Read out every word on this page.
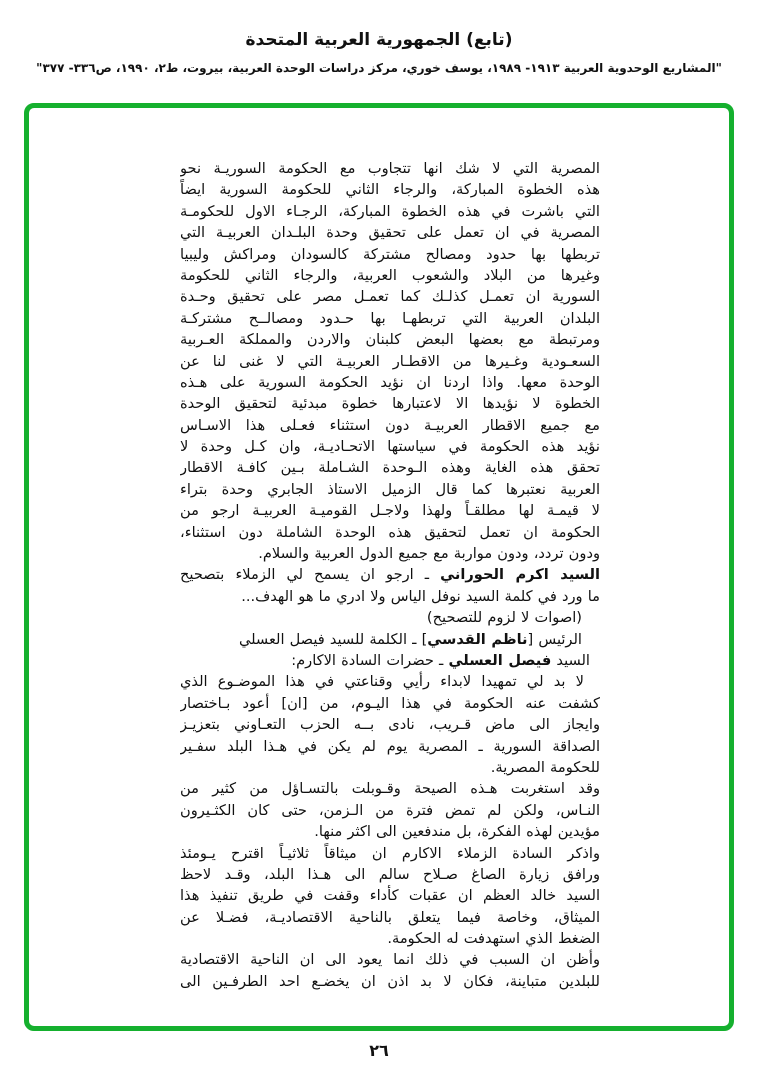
(تابع) الجمهورية العربية المتحدة
"المشاريع الوحدوية العربية ١٩١٣- ١٩٨٩، يوسف خوري، مركز دراسات الوحدة العربية، بيروت، ط٢، ١٩٩٠، ص٣٣٦- ٣٧٧"
المصرية التي لا شك انها تتجاوب مع الحكومة السوريـة نحو
هذه الخطوة المباركة، والرجاء الثاني للحكومة السورية ايضاً
التي باشرت في هذه الخطوة المباركة، الرجـاء الاول للحكومـة
المصرية في ان تعمل على تحقيق وحدة البلـدان العربيـة التي
تربطها بها حدود ومصالح مشتركة كالسودان ومراكش وليبيا
وغيرها من البلاد والشعوب العربية، والرجاء الثاني للحكومة
السورية ان تعمـل كذلـك كما تعمـل مصر على تحقيق وحـدة
البلدان العربية التي تربطهـا بها حـدود ومصالــح مشتركـة
ومرتبطة مع بعضها البعض كلبنان والاردن والمملكة العـربية
السعـودية وغـيرها من الاقطـار العربيـة التي لا غنى لنا عن
الوحدة معها. واذا اردنا ان نؤيد الحكومة السورية على هـذه
الخطوة لا نؤيدها الا لاعتبارها خطوة مبدئية لتحقيق الوحدة
مع جميع الاقطار العربيـة دون استثناء فعـلى هذا الاسـاس
نؤيد هذه الحكومة في سياستها الاتحـاديـة، وان كـل وحدة لا
تحقق هذه الغاية وهذه الـوحدة الشـاملة بـين كافـة الاقطار
العربية نعتبرها كما قال الزميل الاستاذ الجابري وحدة بتراء
لا قيمـة لها مطلقـاً ولهذا ولاجـل القوميـة العربيـة ارجو من
الحكومة ان تعمل لتحقيق هذه الوحدة الشاملة دون استثناء،
ودون تردد، ودون مواربة مع جميع الدول العربية والسلام.
السيد اكرم الحوراني ـ ارجو ان يسمح لي الزملاء بتصحيح
ما ورد في كلمة السيد نوفل الياس ولا ادري ما هو الهدف...
(اصوات لا لزوم للتصحيح)
الرئيس [ناظم القدسي] ـ الكلمة للسيد فيصل العسلي
السيد فيصل العسلي ـ حضرات السادة الاكارم:
لا بد لي تمهيدا لابداء رأيي وقناعتي في هذا الموضـوع الذي
كشفت عنه الحكومة في هذا اليـوم، من [ان] أعود بـاختصار
وايجاز الى ماض قـريب، نادى بــه الحزب التعـاوني بتعزيـز
الصداقة السورية ـ المصرية يوم لم يكن في هـذا البلد سفـير
للحكومة المصرية.
وقد استغربت هـذه الصيحة وقـوبلت بالتسـاؤل من كثير من
النـاس، ولكن لم تمض فترة من الـزمن، حتى كان الكثـيرون
مؤيدين لهذه الفكرة، بل مندفعين الى اكثر منها.
واذكر السادة الزملاء الاكارم ان ميثاقاً ثلاثيـاً اقترح يـومئذ
ورافق زيارة الصاغ صـلاح سالم الى هـذا البلد، وقـد لاحظ
السيد خالد العظم ان عقبات كأداء وقفت في طريق تنفيذ هذا
الميثاق، وخاصة فيما يتعلق بالناحية الاقتصاديـة، فضـلا عن
الضغط الذي استهدفت له الحكومة.
وأظن ان السبب في ذلك انما يعود الى ان الناحية الاقتصادية
للبلدين متباينة، فكان لا بد اذن ان يخضـع احد الطرفـين الى
٢٦
